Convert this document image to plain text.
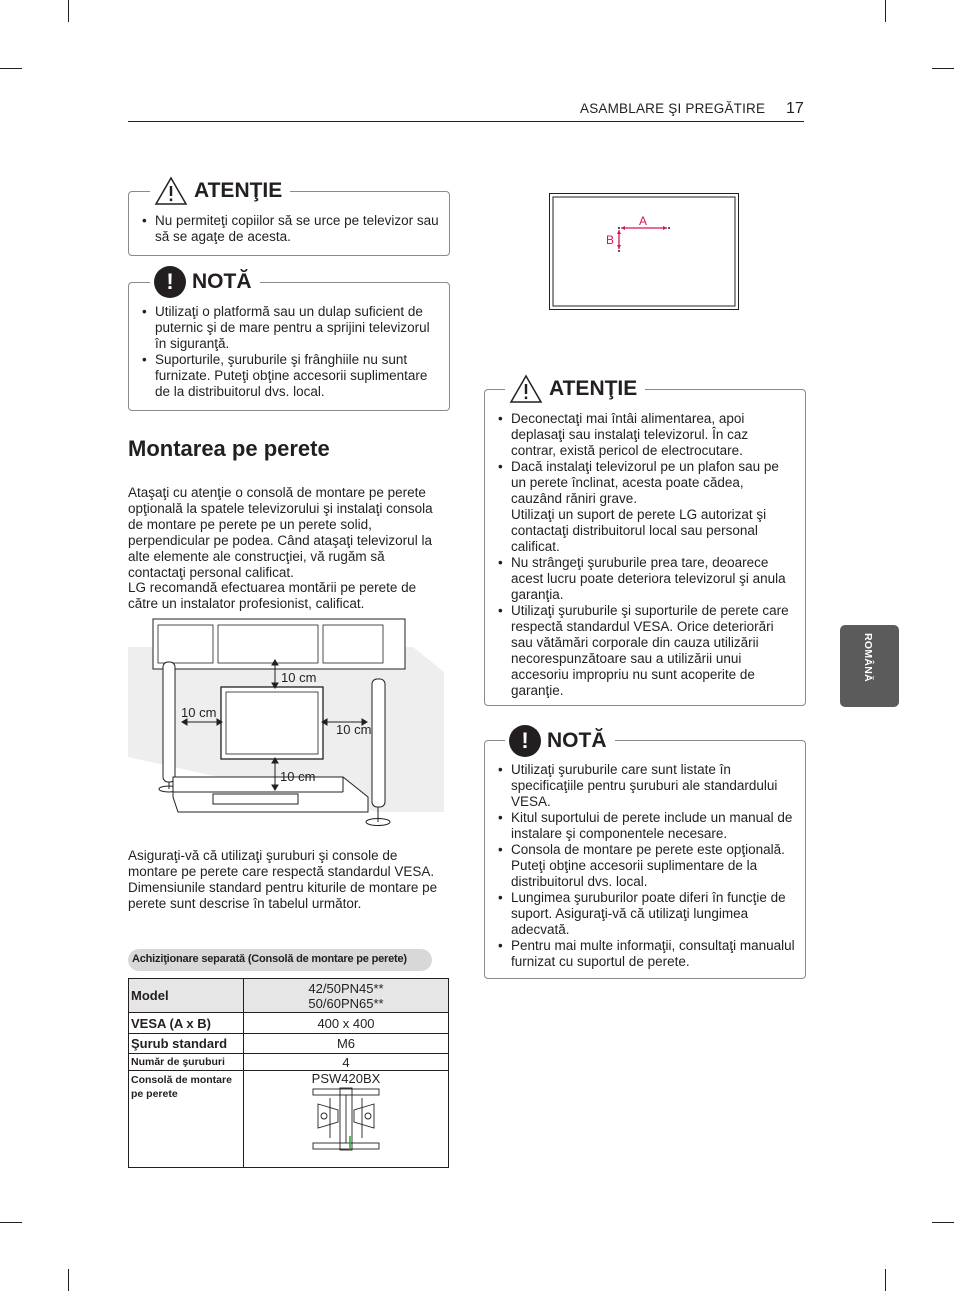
ASAMBLARE ŞI PREGĂTIRE 17
ROMÂNĂ
• Nu permiteţi copiilor să se urce pe televizor sau să se agaţe de acesta.
ATENŢIE
• Utilizaţi o platformă sau un dulap suficient de puternic şi de mare pentru a sprijini televizorul în siguranţă.
• Suporturile, şuruburile şi frânghiile nu sunt furnizate. Puteţi obţine accesorii suplimentare de la distribuitorul dvs. local.
! NOTĂ
Montarea pe perete

Ataşaţi cu atenţie o consolă de montare pe perete opţională la spatele televizorului şi instalaţi consola de montare pe perete pe un perete solid, perpendicular pe podea. Când ataşaţi televizorul la alte elemente ale construcţiei, vă rugăm să contactaţi personal calificat.

LG recomandă efectuarea montării pe perete de către un instalator profesionist, calificat.

10 cm
10 cm
10 cm
10 cm

Asiguraţi-vă că utilizaţi şuruburi şi console de montare pe perete care respectă standardul VESA. Dimensiunile standard pentru kiturile de montare pe perete sunt descrise în tabelul următor.

Achiziţionare separată (Consolă de montare pe perete)
Model	42/50PN45**
50/60PN65**

VESA (A x B)	400 x 400
Şurub standard	M6
Număr de şuruburi	4
Consolă de montare pe perete	PSW420BX
A
B
• Deconectaţi mai întâi alimentarea, apoi deplasaţi sau instalaţi televizorul. În caz contrar, există pericol de electrocutare.
• Dacă instalaţi televizorul pe un plafon sau pe un perete înclinat, acesta poate cădea, cauzând răniri grave.
Utilizaţi un suport de perete LG autorizat şi contactaţi distribuitorul local sau personal calificat.
• Nu strângeţi şuruburile prea tare, deoarece acest lucru poate deteriora televizorul şi anula garanţia.
• Utilizaţi şuruburile şi suporturile de perete care respectă standardul VESA. Orice deteriorări sau vătămări corporale din cauza utilizării necorespunzătoare sau a utilizării unui accesoriu impropriu nu sunt acoperite de garanţie.
ATENŢIE
• Utilizaţi şuruburile care sunt listate în specificaţiile pentru şuruburi ale standardului VESA.
• Kitul suportului de perete include un manual de instalare şi componentele necesare.
• Consola de montare pe perete este opţională. Puteţi obţine accesorii suplimentare de la distribuitorul dvs. local.
• Lungimea şuruburilor poate diferi în funcţie de suport. Asiguraţi-vă că utilizaţi lungimea adecvată.
• Pentru mai multe informaţii, consultaţi manualul furnizat cu suportul de perete.
! NOTĂ
